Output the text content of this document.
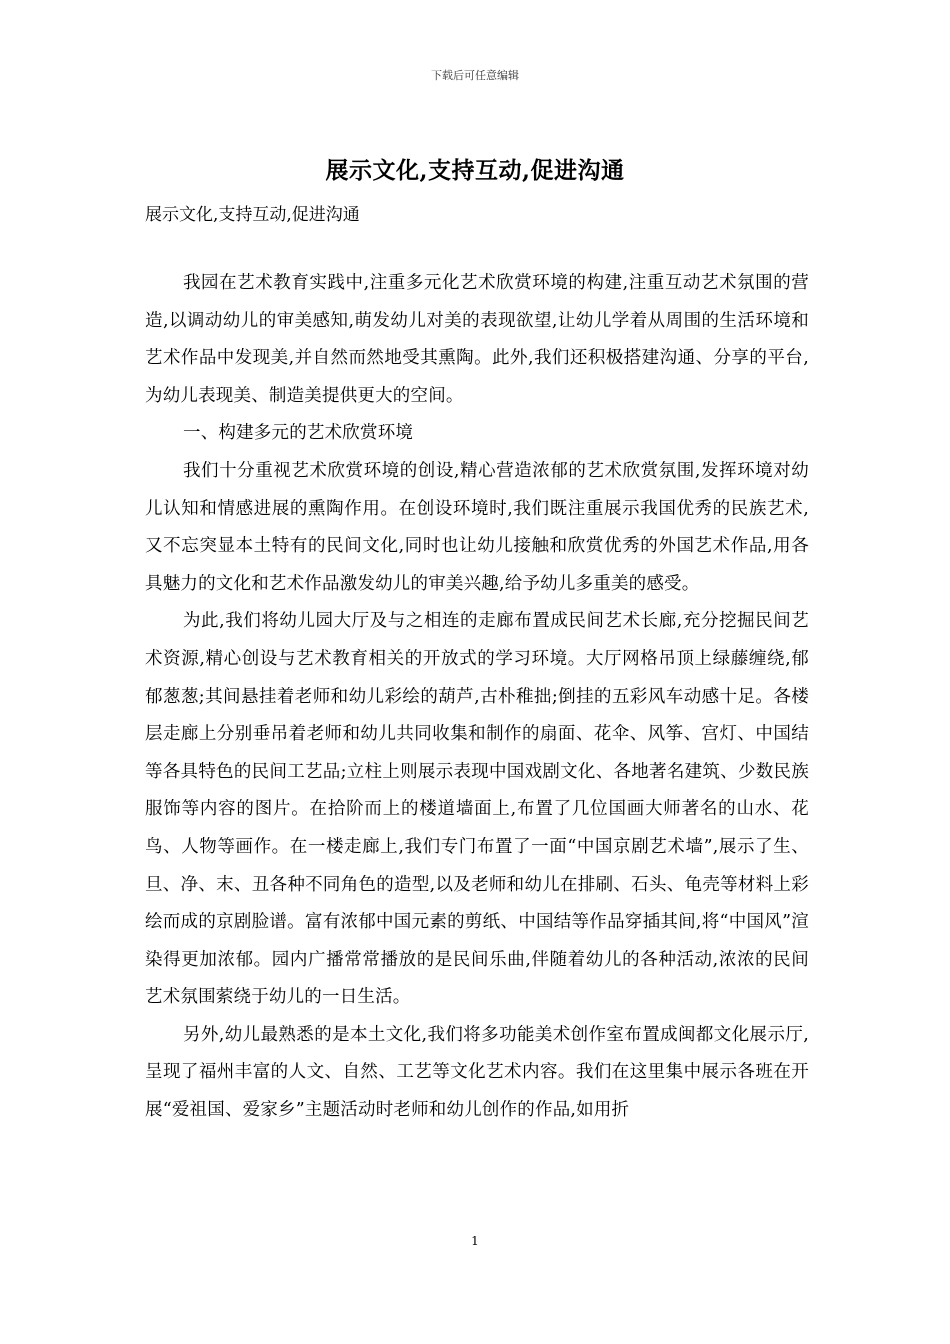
下载后可任意编辑
展示文化,支持互动,促进沟通
展示文化,支持互动,促进沟通

我园在艺术教育实践中,注重多元化艺术欣赏环境的构建,注重互动艺术氛围的营造,以调动幼儿的审美感知,萌发幼儿对美的表现欲望,让幼儿学着从周围的生活环境和艺术作品中发现美,并自然而然地受其熏陶。此外,我们还积极搭建沟通、分享的平台,为幼儿表现美、制造美提供更大的空间。

一、构建多元的艺术欣赏环境

我们十分重视艺术欣赏环境的创设,精心营造浓郁的艺术欣赏氛围,发挥环境对幼儿认知和情感进展的熏陶作用。在创设环境时,我们既注重展示我国优秀的民族艺术,又不忘突显本土特有的民间文化,同时也让幼儿接触和欣赏优秀的外国艺术作品,用各具魅力的文化和艺术作品激发幼儿的审美兴趣,给予幼儿多重美的感受。

为此,我们将幼儿园大厅及与之相连的走廊布置成民间艺术长廊,充分挖掘民间艺术资源,精心创设与艺术教育相关的开放式的学习环境。大厅网格吊顶上绿藤缠绕,郁郁葱葱;其间悬挂着老师和幼儿彩绘的葫芦,古朴稚拙;倒挂的五彩风车动感十足。各楼层走廊上分别垂吊着老师和幼儿共同收集和制作的扇面、花伞、风筝、宫灯、中国结等各具特色的民间工艺品;立柱上则展示表现中国戏剧文化、各地著名建筑、少数民族服饰等内容的图片。在拾阶而上的楼道墙面上,布置了几位国画大师著名的山水、花鸟、人物等画作。在一楼走廊上,我们专门布置了一面“中国京剧艺术墙”,展示了生、旦、净、末、丑各种不同角色的造型,以及老师和幼儿在排刷、石头、龟壳等材料上彩绘而成的京剧脸谱。富有浓郁中国元素的剪纸、中国结等作品穿插其间,将“中国风”渲染得更加浓郁。园内广播常常播放的是民间乐曲,伴随着幼儿的各种活动,浓浓的民间艺术氛围萦绕于幼儿的一日生活。

另外,幼儿最熟悉的是本土文化,我们将多功能美术创作室布置成闽都文化展示厅,呈现了福州丰富的人文、自然、工艺等文化艺术内容。我们在这里集中展示各班在开展“爱祖国、爱家乡”主题活动时老师和幼儿创作的作品,如用折

1
